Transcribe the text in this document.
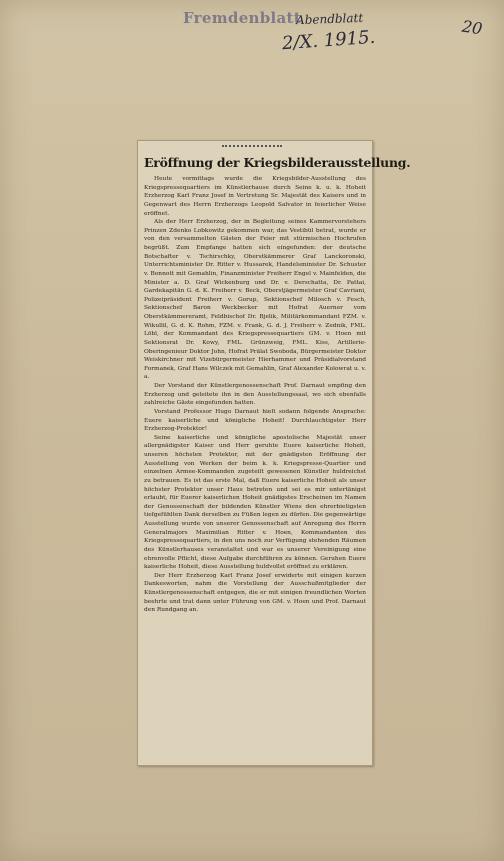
Fremdenblatt
Abendblatt
2/X. 1915.	20
Eröffnung der Kriegsbilderausstellung.

Heute vormittags wurde die Kriegsbilder-Ausstellung des Kriegspressequartiers im Künstlerhause durch Seine k. u. k. Hoheit Erzherzog Karl Franz Josef in Vertretung Sr. Majestät des Kaisers und in Gegenwart des Herrn Erzherzogs Leopold Salvator in feierlicher Weise eröffnet.

Als der Herr Erzherzog, der in Begleitung seines Kammervorstehers Prinzen Zdenko Lobkowitz gekommen war, das Vestibül betrat, wurde er von den versammelten Gästen der Feier mit stürmischen Hochrufen begrüßt. Zum Empfange hatten sich eingefunden: der deutsche Botschafter v. Tschirschky, Oberstkämmerer Graf Lanckoronski, Unterrichtsminister Dr. Ritter v. Hussarek, Handelsminister Dr. Schuster v. Bonnott mit Gemahlin, Finanzminister Freiherr Engel v. Mainfelden, die Minister a. D. Graf Wickenburg und Dr. v. Derschatta, Dr. Pattai, Gardekapitän G. d. K. Freiherr v. Beck, Oberstjägermeister Graf Cavriani, Polizeipräsident Freiherr v. Gorup, Sektionschef Milosch v. Fesch, Sektionschef Baron Weckbecker mit Hofrat Auerner vom Oberstkämmereramt, Feldbischof Dr. Bjelik, Militärkommandant FZM. v. Wikullil, G. d. K. Rohm, FZM. v. Frank, G. d. J. Freiherr v. Zednik, FML. Löbl, der Kommandant des Kriegspressequartiers GM. v. Hoen mit Sektionsrat Dr. Kowy, FML. Grünzweig, FML. Kiss, Artillerie-Oberingenieur Doktor John, Hofrat Prälat Swoboda, Bürgermeister Doktor Weiskirchner mit Vizebürgermeister Hierhammer und Präsidialvorstand Formanek, Graf Hans Wilczek mit Gemahlin, Graf Alexander Kolowrat u. v. a.

Der Vorstand der Künstlergenossenschaft Prof. Darnaut empfing den Erzherzog und geleitete ihn in den Ausstellungssaal, wo sich ebenfalls zahlreiche Gäste eingefunden hatten.

Vorstand Professor Hugo Darnaut hielt sodann folgende Ansprache: Euere kaiserliche und königliche Hoheit! Durchlauchtigster Herr Erzherzog-Protektor!

Seine kaiserliche und königliche apostolische Majestät unser allergnädigster Kaiser und Herr geruhte Euere kaiserliche Hoheit, unseren höchsten Protektor, mit der gnädigsten Eröffnung der Ausstellung von Werken der beim k. k. Kriegspresse-Quartier und einzelnen Armee-Kommanden zugeteilt gewesenen Künstler huldreichst zu betrauen. Es ist das erste Mal, daß Euere kaiserliche Hoheit als unser höchster Protektor unser Haus betreten und sei es mir untertänigst erlaubt, für Euerer kaiserlichen Hoheit gnädigstes Erscheinen im Namen der Genossenschaft der bildenden Künstler Wiens den ehrerbietigsten tiefgefühlten Dank derselben zu Füßen legen zu dürfen. Die gegenwärtige Ausstellung wurde von unserer Genossenschaft auf Anregung des Herrn Generalmajors Maximilian Ritter v. Hoen, Kommandanten des Kriegspressequartiers, in den uns noch zur Verfügung stehenden Räumen des Künstlerhauses veranstaltet und war es unserer Vereinigung eine ehrenvolle Pflicht, diese Aufgabe durchführen zu können. Geruhen Euere kaiserliche Hoheit, diese Ausstellung huldvollst eröffnet zu erklären.

Der Herr Erzherzog Karl Franz Josef erwiderte mit einigen kurzen Dankesworten, nahm die Vorstellung der Ausschußmitglieder der Künstlergenossenschaft entgegen, die er mit einigen freundlichen Worten beehrte und trat dann unter Führung von GM. v. Hoen und Prof. Darnaut den Rundgang an.
